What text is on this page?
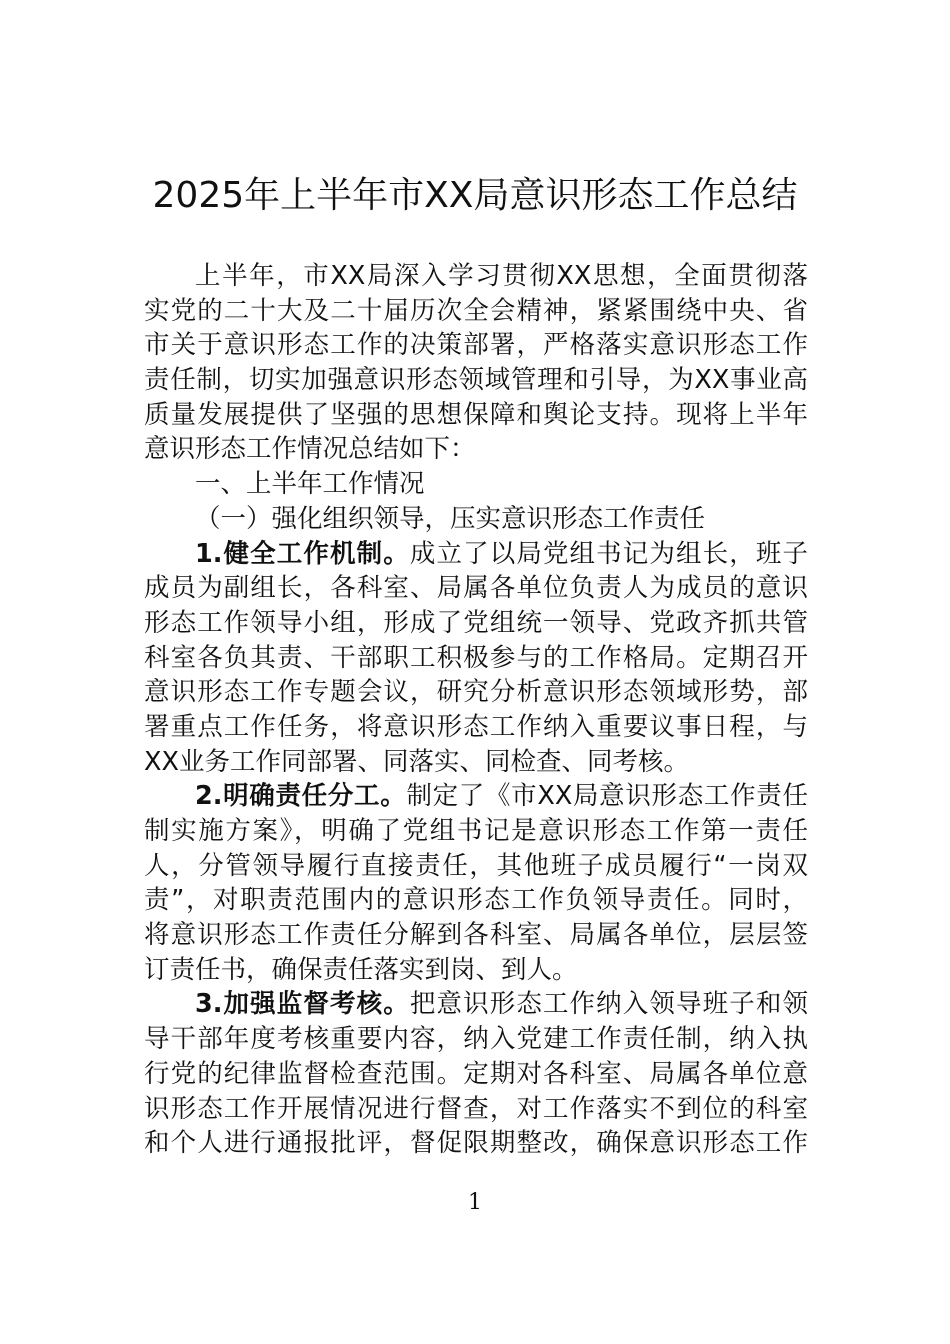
2025年上半年市XX局意识形态工作总结
上半年，市XX局深入学习贯彻XX思想，全面贯彻落
实党的二十大及二十届历次全会精神，紧紧围绕中央、省
市关于意识形态工作的决策部署，严格落实意识形态工作
责任制，切实加强意识形态领域管理和引导，为XX事业高
质量发展提供了坚强的思想保障和舆论支持。现将上半年
意识形态工作情况总结如下：
一、上半年工作情况
（一）强化组织领导，压实意识形态工作责任
1.健全工作机制。成立了以局党组书记为组长，班子
成员为副组长，各科室、局属各单位负责人为成员的意识
形态工作领导小组，形成了党组统一领导、党政齐抓共管
科室各负其责、干部职工积极参与的工作格局。定期召开
意识形态工作专题会议，研究分析意识形态领域形势，部
署重点工作任务，将意识形态工作纳入重要议事日程，与
XX业务工作同部署、同落实、同检查、同考核。
2.明确责任分工。制定了《市XX局意识形态工作责任
制实施方案》，明确了党组书记是意识形态工作第一责任
人，分管领导履行直接责任，其他班子成员履行“一岗双
责”，对职责范围内的意识形态工作负领导责任。同时，
将意识形态工作责任分解到各科室、局属各单位，层层签
订责任书，确保责任落实到岗、到人。
3.加强监督考核。把意识形态工作纳入领导班子和领
导干部年度考核重要内容，纳入党建工作责任制，纳入执
行党的纪律监督检查范围。定期对各科室、局属各单位意
识形态工作开展情况进行督查，对工作落实不到位的科室
和个人进行通报批评，督促限期整改，确保意识形态工作
1
